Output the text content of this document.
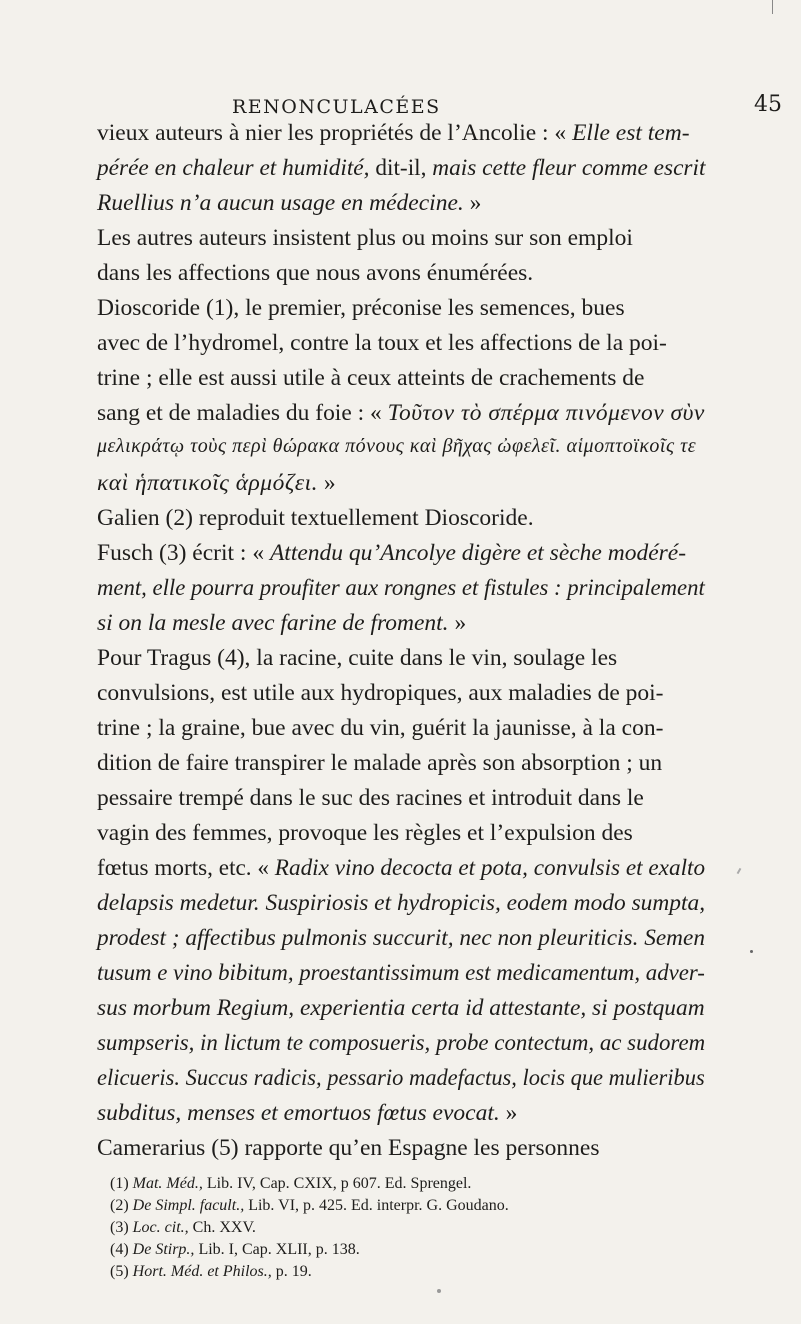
RENONCULACÉES	45
vieux auteurs à nier les propriétés de l’Ancolie : « Elle est tem-
pérée en chaleur et humidité, dit-il, mais cette fleur comme escrit
Ruellius n’a aucun usage en médecine. »
Les autres auteurs insistent plus ou moins sur son emploi
dans les affections que nous avons énumérées.
Dioscoride (1), le premier, préconise les semences, bues
avec de l’hydromel, contre la toux et les affections de la poi-
trine ; elle est aussi utile à ceux atteints de crachements de
sang et de maladies du foie : « Τοῦτον τὸ σπέρμα πινόμενον σὺν
μελικράτῳ τοὺς περὶ θώρακα πόνους καὶ βῆχας ὠφελεῖ. αἱμοπτοϊκοῖς τε
καὶ ἡπατικοῖς ἁρμόζει. »
Galien (2) reproduit textuellement Dioscoride.
Fusch (3) écrit : « Attendu qu’Ancolye digère et sèche modéré-
ment, elle pourra proufiter aux rongnes et fistules : principalement
si on la mesle avec farine de froment. »
Pour Tragus (4), la racine, cuite dans le vin, soulage les
convulsions, est utile aux hydropiques, aux maladies de poi-
trine ; la graine, bue avec du vin, guérit la jaunisse, à la con-
dition de faire transpirer le malade après son absorption ; un
pessaire trempé dans le suc des racines et introduit dans le
vagin des femmes, provoque les règles et l’expulsion des
fœtus morts, etc. « Radix vino decocta et pota, convulsis et exalto
delapsis medetur. Suspiriosis et hydropicis, eodem modo sumpta,
prodest ; affectibus pulmonis succurit, nec non pleuriticis. Semen
tusum e vino bibitum, proestantissimum est medicamentum, adver-
sus morbum Regium, experientia certa id attestante, si postquam
sumpseris, in lictum te composueris, probe contectum, ac sudorem
elicueris. Succus radicis, pessario madefactus, locis que mulieribus
subditus, menses et emortuos fœtus evocat. »
Camerarius (5) rapporte qu’en Espagne les personnes
(1) Mat. Méd., Lib. IV, Cap. CXIX, p 607. Ed. Sprengel.
(2) De Simpl. facult., Lib. VI, p. 425. Ed. interpr. G. Goudano.
(3) Loc. cit., Ch. XXV.
(4) De Stirp., Lib. I, Cap. XLII, p. 138.
(5) Hort. Méd. et Philos., p. 19.
